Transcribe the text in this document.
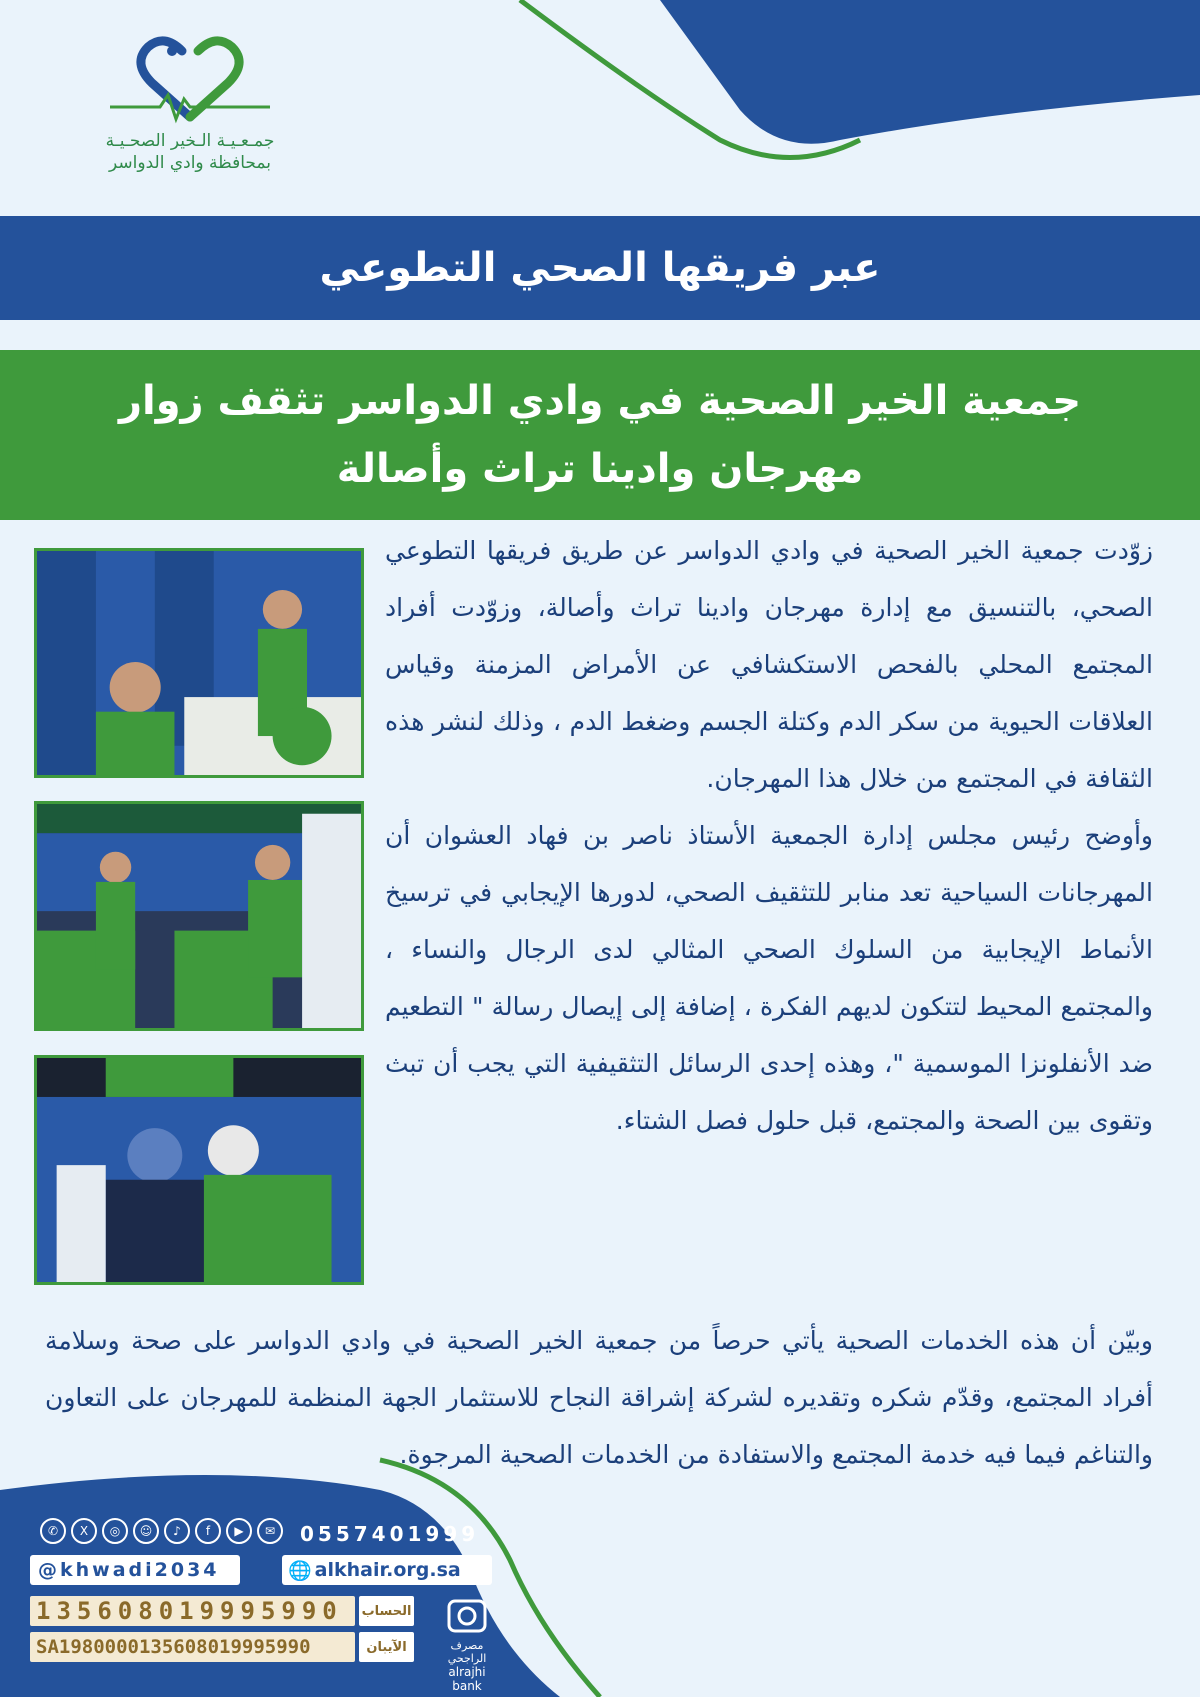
جمـعـيـة الـخير الصحـيـة
بمحافظة وادي الدواسر
عبر فريقها الصحي التطوعي
جمعية الخير الصحية في وادي الدواسر تثقف زوار
مهرجان وادينا تراث وأصالة

زوّدت جمعية الخير الصحية في وادي الدواسر عن طريق فريقها التطوعي الصحي، بالتنسيق مع إدارة مهرجان وادينا تراث وأصالة، وزوّدت أفراد المجتمع المحلي بالفحص الاستكشافي عن الأمراض المزمنة وقياس العلاقات الحيوية من سكر الدم وكتلة الجسم وضغط الدم ، وذلك لنشر هذه الثقافة في المجتمع من خلال هذا المهرجان.

وأوضح رئيس مجلس إدارة الجمعية الأستاذ ناصر بن فهاد العشوان أن المهرجانات السياحية تعد منابر للتثقيف الصحي، لدورها الإيجابي في ترسيخ الأنماط الإيجابية من السلوك الصحي المثالي لدى الرجال والنساء ، والمجتمع المحيط لتتكون لديهم الفكرة ، إضافة إلى إيصال رسالة " التطعيم ضد الأنفلونزا الموسمية "، وهذه إحدى الرسائل التثقيفية التي يجب أن تبث وتقوى بين الصحة والمجتمع، قبل حلول فصل الشتاء.

وبيّن أن هذه الخدمات الصحية يأتي حرصاً من جمعية الخير الصحية في وادي الدواسر على صحة وسلامة أفراد المجتمع، وقدّم شكره وتقديره لشركة إشراقة النجاح للاستثمار الجهة المنظمة للمهرجان على التعاون والتناغم فيما فيه خدمة المجتمع والاستفادة من الخدمات الصحية المرجوة.
✆	X	◎	☺	♪	f	▶	✉	0557401999
@khwadi2034	🌐 alkhair.org.sa
135608019995990	الحساب
SA1980000135608019995990	الآيبان	مصرف الراجحي
alrajhi bank
